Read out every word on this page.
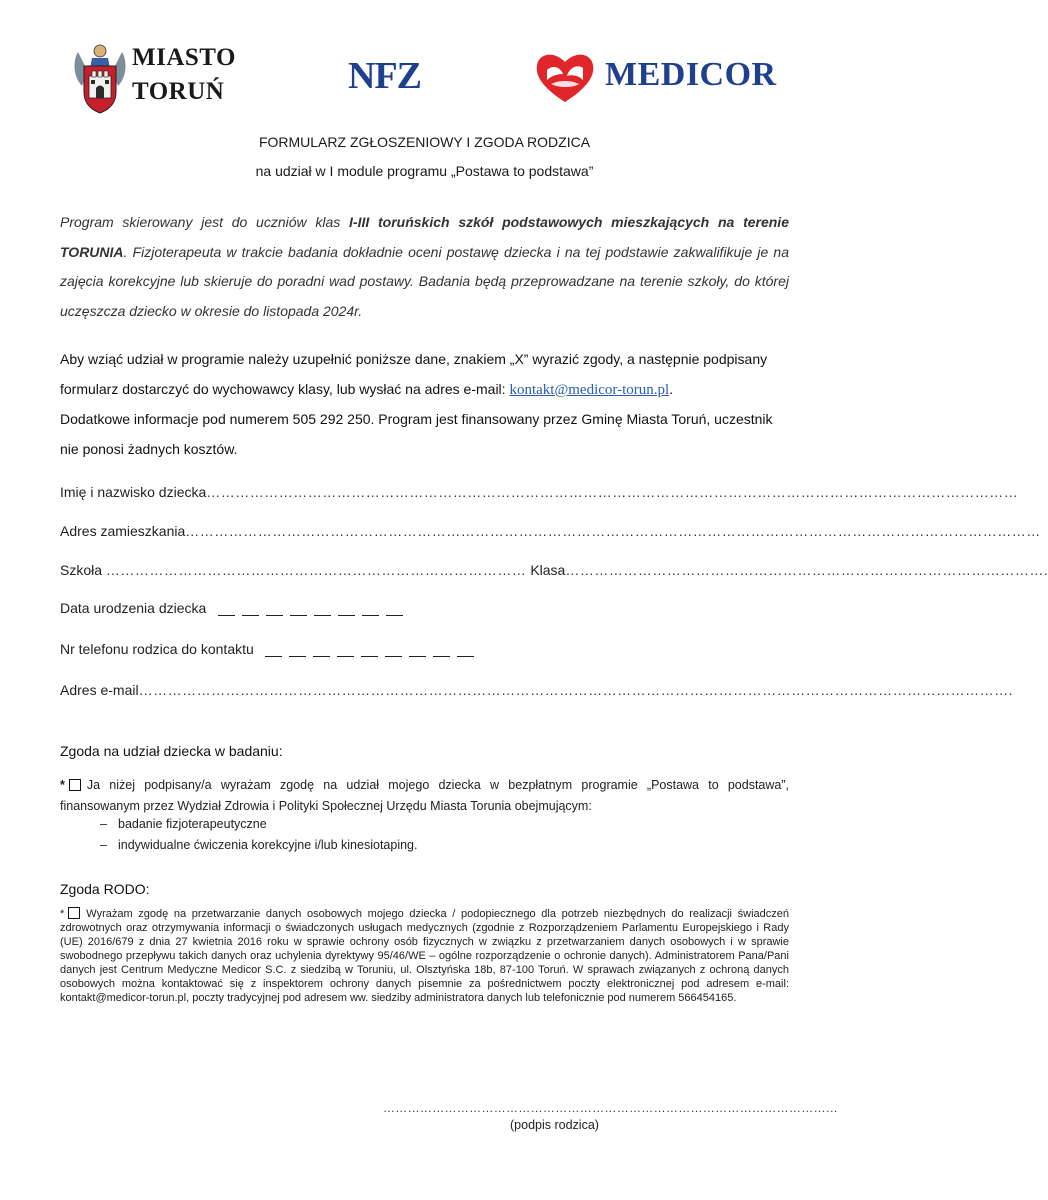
MIASTO
TORUŃ	NFZ	MEDICOR
FORMULARZ ZGŁOSZENIOWY I ZGODA RODZICA
na udział w I module programu „Postawa to podstawa”
Program skierowany jest do uczniów klas I-III toruńskich szkół podstawowych mieszkających na terenie TORUNIA. Fizjoterapeuta w trakcie badania dokładnie oceni postawę dziecka i na tej podstawie zakwalifikuje je na zajęcia korekcyjne lub skieruje do poradni wad postawy. Badania będą przeprowadzane na terenie szkoły, do której uczęszcza dziecko w okresie do listopada 2024r.
Aby wziąć udział w programie należy uzupełnić poniższe dane, znakiem „X” wyrazić zgody, a następnie podpisany formularz dostarczyć do wychowawcy klasy, lub wysłać na adres e-mail: kontakt@medicor-torun.pl.
Dodatkowe informacje pod numerem 505 292 250. Program jest finansowany przez Gminę Miasta Toruń, uczestnik nie ponosi żadnych kosztów.
Imię i nazwisko dziecka……………………………………………………………………………………………………………………………………………………
Adres zamieszkania……………………………………………………………………………………………………………………………………………………………
Szkoła …………………………………………………………………………… Klasa……………………………………………………………………………………….
Data urodzenia dziecka
Nr telefonu rodzica do kontaktu
Adres e-mail……………………………………………………………………………………………………………………………………………………………….
Zgoda na udział dziecka w badaniu:
* Ja niżej podpisany/a wyrażam zgodę na udział mojego dziecka w bezpłatnym programie „Postawa to podstawa”, finansowanym przez Wydział Zdrowia i Polityki Społecznej Urzędu Miasta Torunia obejmującym:
– badanie fizjoterapeutyczne
– indywidualne ćwiczenia korekcyjne i/lub kinesiotaping.
Zgoda RODO:
* Wyrażam zgodę na przetwarzanie danych osobowych mojego dziecka / podopiecznego dla potrzeb niezbędnych do realizacji świadczeń zdrowotnych oraz otrzymywania informacji o świadczonych usługach medycznych (zgodnie z Rozporządzeniem Parlamentu Europejskiego i Rady (UE) 2016/679 z dnia 27 kwietnia 2016 roku w sprawie ochrony osób fizycznych w związku z przetwarzaniem danych osobowych i w sprawie swobodnego przepływu takich danych oraz uchylenia dyrektywy 95/46/WE – ogólne rozporządzenie o ochronie danych). Administratorem Pana/Pani danych jest Centrum Medyczne Medicor S.C. z siedzibą w Toruniu, ul. Olsztyńska 18b, 87-100 Toruń. W sprawach związanych z ochroną danych osobowych można kontaktować się z inspektorem ochrony danych pisemnie za pośrednictwem poczty elektronicznej pod adresem e-mail: kontakt@medicor-torun.pl, poczty tradycyjnej pod adresem ww. siedziby administratora danych lub telefonicznie pod numerem 566454165.
…………………………………………………………………………………………………
(podpis rodzica)
